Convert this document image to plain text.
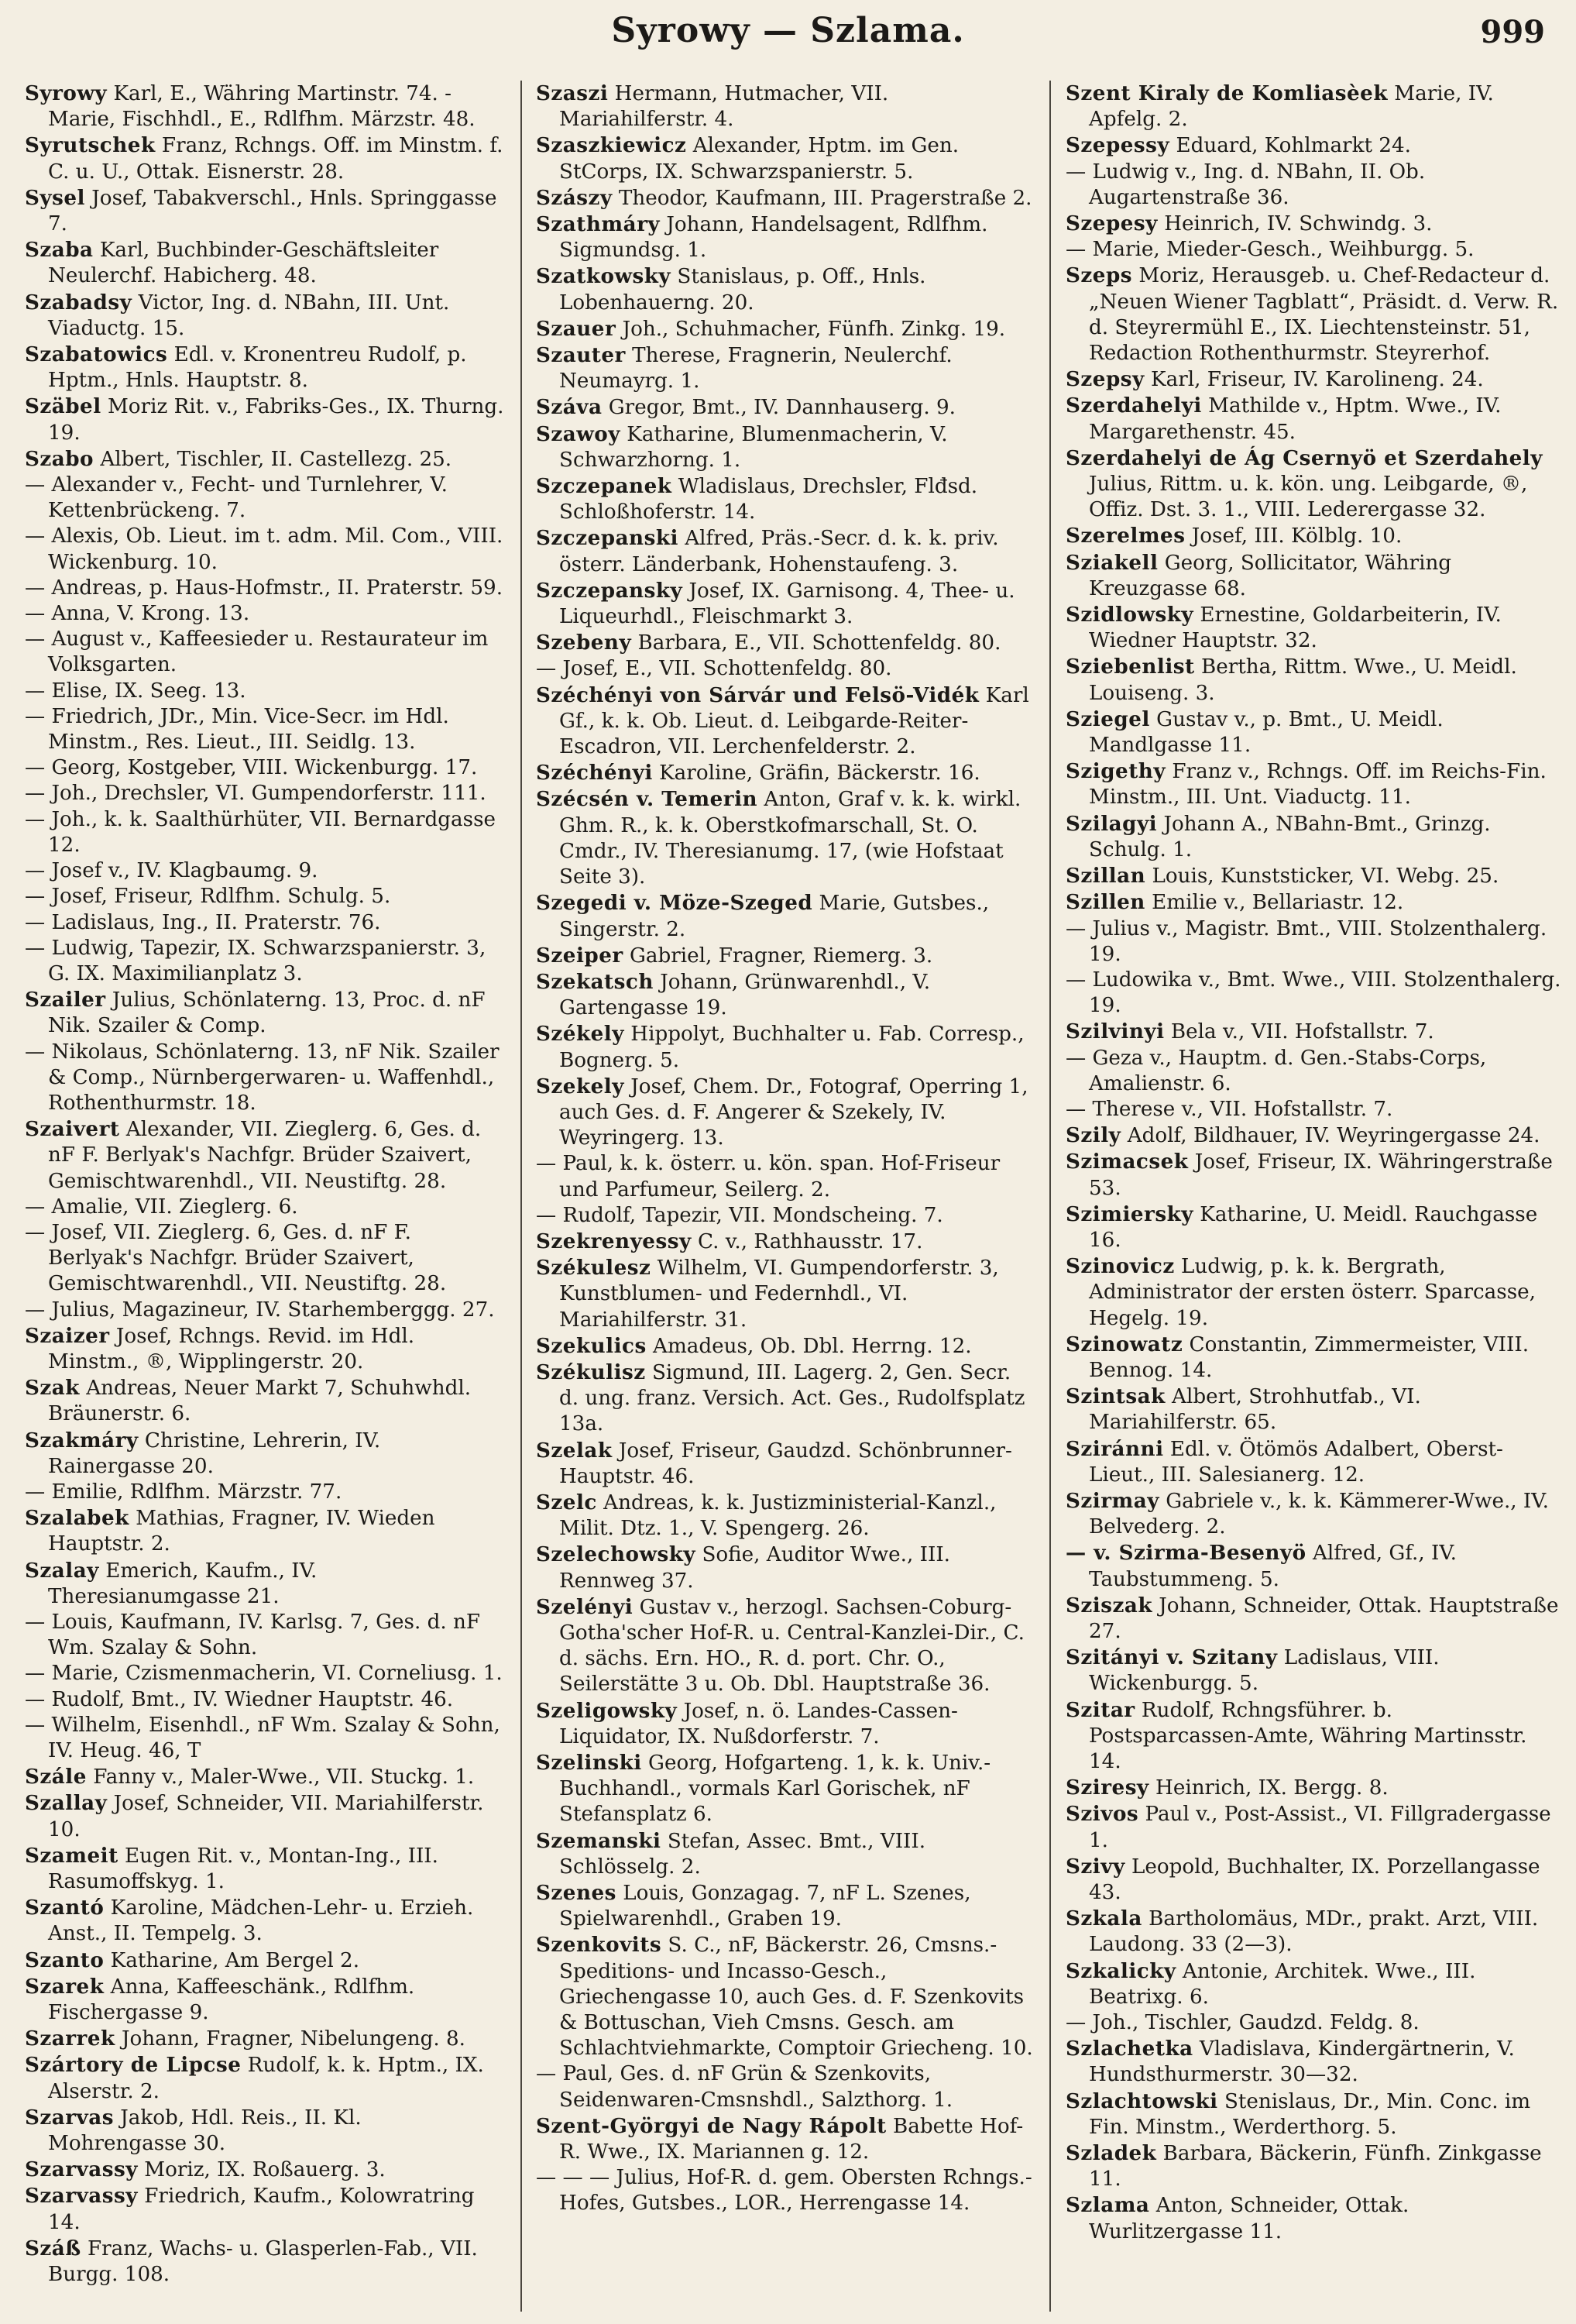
Syrowy — Szlama.	999
Syrowy Karl, E., Währing Martinstr. 74. - Marie, Fischhdl., E., Rdlfhm. Märzstr. 48.
Syrutschek Franz, Rchngs. Off. im Minstm. f. C. u. U., Ottak. Eisnerstr. 28.
Sysel Josef, Tabakverschl., Hnls. Springgasse 7.
Szaba Karl, Buchbinder-Geschäftsleiter Neulerchf. Habicherg. 48.
Szabadsy Victor, Ing. d. NBahn, III. Unt. Viaductg. 15.
Szabatowics Edl. v. Kronentreu Rudolf, p. Hptm., Hnls. Hauptstr. 8.
Szäbel Moriz Rit. v., Fabriks-Ges., IX. Thurng. 19.
Szabo Albert, Tischler, II. Castellezg. 25.
— Alexander v., Fecht- und Turnlehrer, V. Kettenbrückeng. 7.
— Alexis, Ob. Lieut. im t. adm. Mil. Com., VIII. Wickenburg. 10.
— Andreas, p. Haus-Hofmstr., II. Praterstr. 59.
— Anna, V. Krong. 13.
— August v., Kaffeesieder u. Restaurateur im Volksgarten.
— Elise, IX. Seeg. 13.
— Friedrich, JDr., Min. Vice-Secr. im Hdl. Minstm., Res. Lieut., III. Seidlg. 13.
— Georg, Kostgeber, VIII. Wickenburgg. 17.
— Joh., Drechsler, VI. Gumpendorferstr. 111.
— Joh., k. k. Saalthürhüter, VII. Bernardgasse 12.
— Josef v., IV. Klagbaumg. 9.
— Josef, Friseur, Rdlfhm. Schulg. 5.
— Ladislaus, Ing., II. Praterstr. 76.
— Ludwig, Tapezir, IX. Schwarzspanierstr. 3, G. IX. Maximilianplatz 3.
Szailer Julius, Schönlaterng. 13, Proc. d. nF Nik. Szailer & Comp.
— Nikolaus, Schönlaterng. 13, nF Nik. Szailer & Comp., Nürnbergerwaren- u. Waffenhdl., Rothenthurmstr. 18.
Szaivert Alexander, VII. Zieglerg. 6, Ges. d. nF F. Berlyak's Nachfgr. Brüder Szaivert, Gemischtwarenhdl., VII. Neustiftg. 28.
— Amalie, VII. Zieglerg. 6.
— Josef, VII. Zieglerg. 6, Ges. d. nF F. Berlyak's Nachfgr. Brüder Szaivert, Gemischtwarenhdl., VII. Neustiftg. 28.
— Julius, Magazineur, IV. Starhemberggg. 27.
Szaizer Josef, Rchngs. Revid. im Hdl. Minstm., ®, Wipplingerstr. 20.
Szak Andreas, Neuer Markt 7, Schuhwhdl. Bräunerstr. 6.
Szakmáry Christine, Lehrerin, IV. Rainergasse 20.
— Emilie, Rdlfhm. Märzstr. 77.
Szalabek Mathias, Fragner, IV. Wieden Hauptstr. 2.
Szalay Emerich, Kaufm., IV. Theresianumgasse 21.
— Louis, Kaufmann, IV. Karlsg. 7, Ges. d. nF Wm. Szalay & Sohn.
— Marie, Czismenmacherin, VI. Corneliusg. 1.
— Rudolf, Bmt., IV. Wiedner Hauptstr. 46.
— Wilhelm, Eisenhdl., nF Wm. Szalay & Sohn, IV. Heug. 46, T
Szále Fanny v., Maler-Wwe., VII. Stuckg. 1.
Szallay Josef, Schneider, VII. Mariahilferstr. 10.
Szameit Eugen Rit. v., Montan-Ing., III. Rasumoffskyg. 1.
Szantó Karoline, Mädchen-Lehr- u. Erzieh. Anst., II. Tempelg. 3.
Szanto Katharine, Am Bergel 2.
Szarek Anna, Kaffeeschänk., Rdlfhm. Fischergasse 9.
Szarrek Johann, Fragner, Nibelungeng. 8.
Szártory de Lipcse Rudolf, k. k. Hptm., IX. Alserstr. 2.
Szarvas Jakob, Hdl. Reis., II. Kl. Mohrengasse 30.
Szarvassy Moriz, IX. Roßauerg. 3.
Szarvassy Friedrich, Kaufm., Kolowratring 14.
Száß Franz, Wachs- u. Glasperlen-Fab., VII. Burgg. 108.
Szaszi Hermann, Hutmacher, VII. Mariahilferstr. 4.
Szaszkiewicz Alexander, Hptm. im Gen. StCorps, IX. Schwarzspanierstr. 5.
Szászy Theodor, Kaufmann, III. Pragerstraße 2.
Szathmáry Johann, Handelsagent, Rdlfhm. Sigmundsg. 1.
Szatkowsky Stanislaus, p. Off., Hnls. Lobenhauerng. 20.
Szauer Joh., Schuhmacher, Fünfh. Zinkg. 19.
Szauter Therese, Fragnerin, Neulerchf. Neumayrg. 1.
Száva Gregor, Bmt., IV. Dannhauserg. 9.
Szawoy Katharine, Blumenmacherin, V. Schwarzhorng. 1.
Szczepanek Wladislaus, Drechsler, Flđsd. Schloßhoferstr. 14.
Szczepanski Alfred, Präs.-Secr. d. k. k. priv. österr. Länderbank, Hohenstaufeng. 3.
Szczepansky Josef, IX. Garnisong. 4, Thee- u. Liqueurhdl., Fleischmarkt 3.
Szebeny Barbara, E., VII. Schottenfeldg. 80.
— Josef, E., VII. Schottenfeldg. 80.
Széchényi von Sárvár und Felsö-Vidék Karl Gf., k. k. Ob. Lieut. d. Leibgarde-Reiter-Escadron, VII. Lerchenfelderstr. 2.
Széchényi Karoline, Gräfin, Bäckerstr. 16.
Szécsén v. Temerin Anton, Graf v. k. k. wirkl. Ghm. R., k. k. Oberstkofmarschall, St. O. Cmdr., IV. Theresianumg. 17, (wie Hofstaat Seite 3).
Szegedi v. Möze-Szeged Marie, Gutsbes., Singerstr. 2.
Szeiper Gabriel, Fragner, Riemerg. 3.
Szekatsch Johann, Grünwarenhdl., V. Gartengasse 19.
Székely Hippolyt, Buchhalter u. Fab. Corresp., Bognerg. 5.
Szekely Josef, Chem. Dr., Fotograf, Operring 1, auch Ges. d. F. Angerer & Szekely, IV. Weyringerg. 13.
— Paul, k. k. österr. u. kön. span. Hof-Friseur und Parfumeur, Seilerg. 2.
— Rudolf, Tapezir, VII. Mondscheing. 7.
Szekrenyessy C. v., Rathhausstr. 17.
Székulesz Wilhelm, VI. Gumpendorferstr. 3, Kunstblumen- und Federnhdl., VI. Mariahilferstr. 31.
Szekulics Amadeus, Ob. Dbl. Herrng. 12.
Székulisz Sigmund, III. Lagerg. 2, Gen. Secr. d. ung. franz. Versich. Act. Ges., Rudolfsplatz 13a.
Szelak Josef, Friseur, Gaudzd. Schönbrunner-Hauptstr. 46.
Szelc Andreas, k. k. Justizministerial-Kanzl., Milit. Dtz. 1., V. Spengerg. 26.
Szelechowsky Sofie, Auditor Wwe., III. Rennweg 37.
Szelényi Gustav v., herzogl. Sachsen-Coburg-Gotha'scher Hof-R. u. Central-Kanzlei-Dir., C. d. sächs. Ern. HO., R. d. port. Chr. O., Seilerstätte 3 u. Ob. Dbl. Hauptstraße 36.
Szeligowsky Josef, n. ö. Landes-Cassen-Liquidator, IX. Nußdorferstr. 7.
Szelinski Georg, Hofgarteng. 1, k. k. Univ.-Buchhandl., vormals Karl Gorischek, nF Stefansplatz 6.
Szemanski Stefan, Assec. Bmt., VIII. Schlösselg. 2.
Szenes Louis, Gonzagag. 7, nF L. Szenes, Spielwarenhdl., Graben 19.
Szenkovits S. C., nF, Bäckerstr. 26, Cmsns.-Speditions- und Incasso-Gesch., Griechengasse 10, auch Ges. d. F. Szenkovits & Bottuschan, Vieh Cmsns. Gesch. am Schlachtviehmarkte, Comptoir Griecheng. 10.
— Paul, Ges. d. nF Grün & Szenkovits, Seidenwaren-Cmsnshdl., Salzthorg. 1.
Szent-Györgyi de Nagy Rápolt Babette Hof-R. Wwe., IX. Mariannen g. 12.
— — — Julius, Hof-R. d. gem. Obersten Rchngs.-Hofes, Gutsbes., LOR., Herrengasse 14.
Szent Kiraly de Komliasèek Marie, IV. Apfelg. 2.
Szepessy Eduard, Kohlmarkt 24.
— Ludwig v., Ing. d. NBahn, II. Ob. Augartenstraße 36.
Szepesy Heinrich, IV. Schwindg. 3.
— Marie, Mieder-Gesch., Weihburgg. 5.
Szeps Moriz, Herausgeb. u. Chef-Redacteur d. „Neuen Wiener Tagblatt“, Präsidt. d. Verw. R. d. Steyrermühl E., IX. Liechtensteinstr. 51, Redaction Rothenthurmstr. Steyrerhof.
Szepsy Karl, Friseur, IV. Karolineng. 24.
Szerdahelyi Mathilde v., Hptm. Wwe., IV. Margarethenstr. 45.
Szerdahelyi de Ág Csernyö et Szerdahely Julius, Rittm. u. k. kön. ung. Leibgarde, ®, Offiz. Dst. 3. 1., VIII. Lederergasse 32.
Szerelmes Josef, III. Kölblg. 10.
Sziakell Georg, Sollicitator, Währing Kreuzgasse 68.
Szidlowsky Ernestine, Goldarbeiterin, IV. Wiedner Hauptstr. 32.
Sziebenlist Bertha, Rittm. Wwe., U. Meidl. Louiseng. 3.
Sziegel Gustav v., p. Bmt., U. Meidl. Mandlgasse 11.
Szigethy Franz v., Rchngs. Off. im Reichs-Fin. Minstm., III. Unt. Viaductg. 11.
Szilagyi Johann A., NBahn-Bmt., Grinzg. Schulg. 1.
Szillan Louis, Kunststicker, VI. Webg. 25.
Szillen Emilie v., Bellariastr. 12.
— Julius v., Magistr. Bmt., VIII. Stolzenthalerg. 19.
— Ludowika v., Bmt. Wwe., VIII. Stolzenthalerg. 19.
Szilvinyi Bela v., VII. Hofstallstr. 7.
— Geza v., Hauptm. d. Gen.-Stabs-Corps, Amalienstr. 6.
— Therese v., VII. Hofstallstr. 7.
Szily Adolf, Bildhauer, IV. Weyringergasse 24.
Szimacsek Josef, Friseur, IX. Währingerstraße 53.
Szimiersky Katharine, U. Meidl. Rauchgasse 16.
Szinovicz Ludwig, p. k. k. Bergrath, Administrator der ersten österr. Sparcasse, Hegelg. 19.
Szinowatz Constantin, Zimmermeister, VIII. Bennog. 14.
Szintsak Albert, Strohhutfab., VI. Mariahilferstr. 65.
Sziránni Edl. v. Ötömös Adalbert, Oberst-Lieut., III. Salesianerg. 12.
Szirmay Gabriele v., k. k. Kämmerer-Wwe., IV. Belvederg. 2.
— v. Szirma-Besenyö Alfred, Gf., IV. Taubstummeng. 5.
Sziszak Johann, Schneider, Ottak. Hauptstraße 27.
Szitányi v. Szitany Ladislaus, VIII. Wickenburgg. 5.
Szitar Rudolf, Rchngsführer. b. Postsparcassen-Amte, Währing Martinsstr. 14.
Sziresy Heinrich, IX. Bergg. 8.
Szivos Paul v., Post-Assist., VI. Fillgradergasse 1.
Szivy Leopold, Buchhalter, IX. Porzellangasse 43.
Szkala Bartholomäus, MDr., prakt. Arzt, VIII. Laudong. 33 (2—3).
Szkalicky Antonie, Architek. Wwe., III. Beatrixg. 6.
— Joh., Tischler, Gaudzd. Feldg. 8.
Szlachetka Vladislava, Kindergärtnerin, V. Hundsthurmerstr. 30—32.
Szlachtowski Stenislaus, Dr., Min. Conc. im Fin. Minstm., Werderthorg. 5.
Szladek Barbara, Bäckerin, Fünfh. Zinkgasse 11.
Szlama Anton, Schneider, Ottak. Wurlitzergasse 11.
